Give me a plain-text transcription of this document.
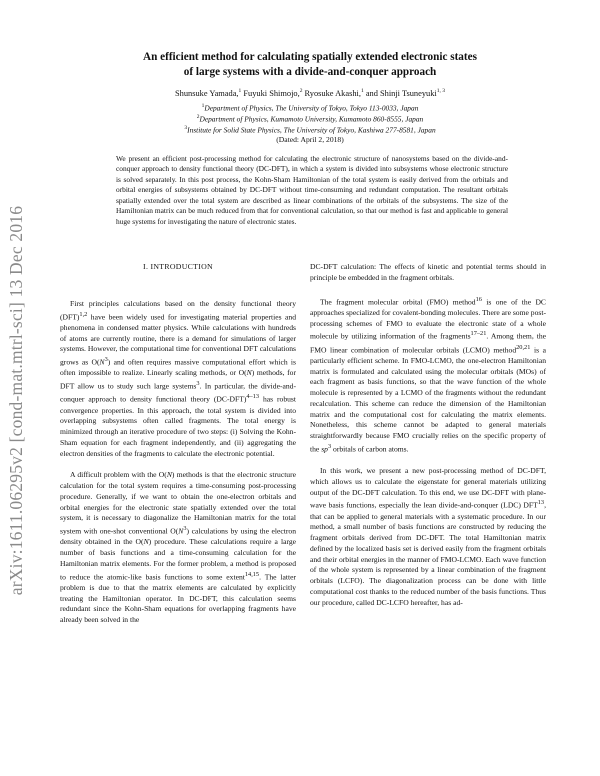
arXiv:1611.06295v2 [cond-mat.mtrl-sci] 13 Dec 2016
An efficient method for calculating spatially extended electronic states
of large systems with a divide-and-conquer approach
Shunsuke Yamada,$^1$ Fuyuki Shimojo,$^2$ Ryosuke Akashi,$^1$ and Shinji Tsuneyuki$^{1, 3}$
$^1$Department of Physics, The University of Tokyo, Tokyo 113-0033, Japan
$^2$Department of Physics, Kumamoto University, Kumamoto 860-8555, Japan
$^3$Institute for Solid State Physics, The University of Tokyo, Kashiwa 277-8581, Japan
(Dated: April 2, 2018)

We present an efficient post-processing method for calculating the electronic structure of nanosystems based on the divide-and-conquer approach to density functional theory (DC-DFT), in which a system is divided into subsystems whose electronic structure is solved separately. In this post process, the Kohn-Sham Hamiltonian of the total system is easily derived from the orbitals and orbital energies of subsystems obtained by DC-DFT without time-consuming and redundant computation. The resultant orbitals spatially extended over the total system are described as linear combinations of the orbitals of the subsystems. The size of the Hamiltonian matrix can be much reduced from that for conventional calculation, so that our method is fast and applicable to general huge systems for investigating the nature of electronic states.

I. INTRODUCTION

First principles calculations based on the density functional theory (DFT)$^{1,2}$ have been widely used for investigating material properties and phenomena in condensed matter physics. While calculations with hundreds of atoms are currently routine, there is a demand for simulations of larger systems. However, the computational time for conventional DFT calculations grows as $O(N^3)$ and often requires massive computational effort which is often impossible to realize. Linearly scaling methods, or O(N) methods, for DFT allow us to study such large systems$^3$. In particular, the divide-and-conquer approach to density functional theory $(DC-DFT)^{4-13}$ has robust convergence properties. In this approach, the total system is divided into overlapping subsystems often called fragments. The total energy is minimized through an iterative procedure of two steps: (i) Solving the Kohn-Sham equation for each fragment independently, and (ii) aggregating the electron densities of the fragments to calculate the electronic potential.

A difficult problem with the O(N) methods is that the electronic structure calculation for the total system requires a time-consuming post-processing procedure. Generally, if we want to obtain the one-electron orbitals and orbital energies for the electronic state spatially extended over the total system, it is necessary to diagonalize the Hamiltonian matrix for the total system with one-shot conventional $O(N^3)$ calculations by using the electron density obtained in the O(N) procedure. These calculations require a large number of basis functions and a time-consuming calculation for the Hamiltonian matrix elements. For the former problem, a method is proposed to reduce the atomic-like basis functions to some extent$^{14,15}$. The latter problem is due to that the matrix elements are calculated by explicitly treating the Hamiltonian operator. In DC-DFT, this calculation seems redundant since the Kohn-Sham equations for overlapping fragments have already been solved in the

DC-DFT calculation: The effects of kinetic and potential terms should in principle be embedded in the fragment orbitals.

The fragment molecular orbital (FMO) method$^{16}$ is one of the DC approaches specialized for covalent-bonding molecules. There are some post-processing schemes of FMO to evaluate the electronic state of a whole molecule by utilizing information of the fragments$^{17-21}$. Among them, the FMO linear combination of molecular orbitals (LCMO) method$^{20,21}$ is a particularly efficient scheme. In FMO-LCMO, the one-electron Hamiltonian matrix is formulated and calculated using the molecular orbitals (MOs) of each fragment as basis functions, so that the wave function of the whole molecule is represented by a LCMO of the fragments without the redundant recalculation. This scheme can reduce the dimension of the Hamiltonian matrix and the computational cost for calculating the matrix elements. Nonetheless, this scheme cannot be adapted to general materials straightforwardly because FMO crucially relies on the specific property of the $sp^3$ orbitals of carbon atoms.

In this work, we present a new post-processing method of DC-DFT, which allows us to calculate the eigenstate for general materials utilizing output of the DC-DFT calculation. To this end, we use DC-DFT with plane-wave basis functions, especially the lean divide-and-conquer (LDC) DFT$^{13}$, that can be applied to general materials with a systematic procedure. In our method, a small number of basis functions are constructed by reducing the fragment orbitals derived from DC-DFT. The total Hamiltonian matrix defined by the localized basis set is derived easily from the fragment orbitals and their orbital energies in the manner of FMO-LCMO. Each wave function of the whole system is represented by a linear combination of the fragment orbitals (LCFO). The diagonalization process can be done with little computational cost thanks to the reduced number of the basis functions. Thus our procedure, called DC-LCFO hereafter, has ad-
